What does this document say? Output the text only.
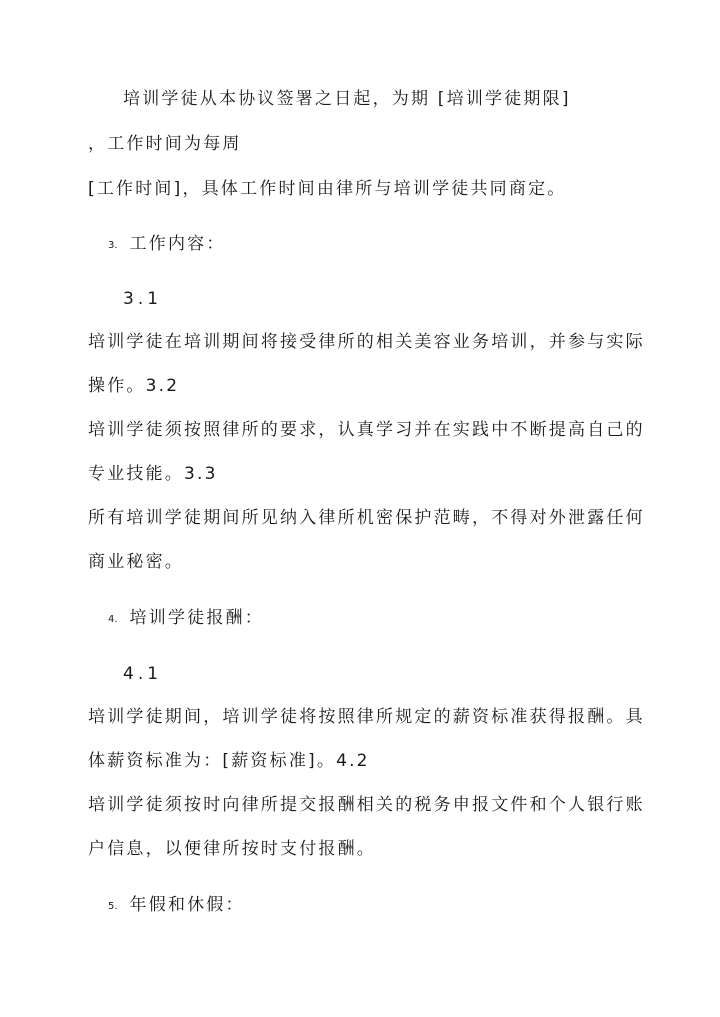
培训学徒从本协议签署之日起，为期 [培训学徒期限]
，工作时间为每周
[工作时间]，具体工作时间由律所与培训学徒共同商定。
3. 工作内容：
3.1
培训学徒在培训期间将接受律所的相关美容业务培训，并参与实际
操作。3.2
培训学徒须按照律所的要求，认真学习并在实践中不断提高自己的
专业技能。3.3
所有培训学徒期间所见纳入律所机密保护范畴，不得对外泄露任何
商业秘密。
4. 培训学徒报酬：
4.1
培训学徒期间，培训学徒将按照律所规定的薪资标准获得报酬。具
体薪资标准为：[薪资标准]。4.2
培训学徒须按时向律所提交报酬相关的税务申报文件和个人银行账
户信息，以便律所按时支付报酬。
5. 年假和休假：
